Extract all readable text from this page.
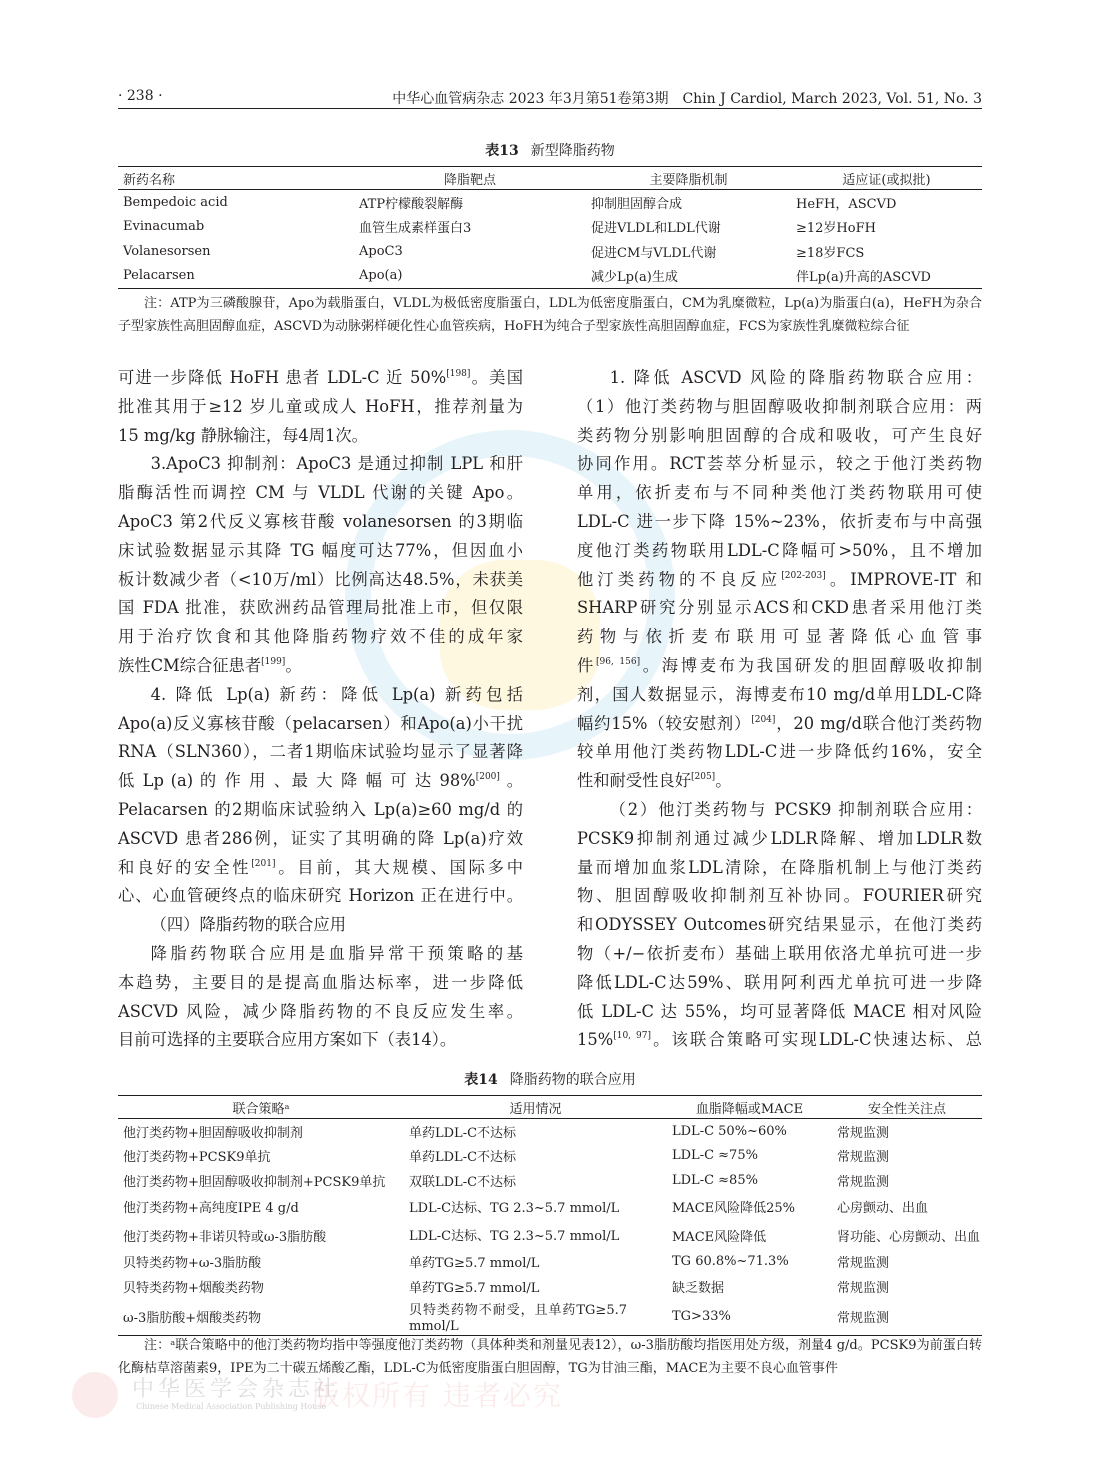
· 238 ·	中华心血管病杂志 2023 年3月第51卷第3期　Chin J Cardiol, March 2023, Vol. 51, No. 3
表13 新型降脂药物
新药名称	降脂靶点	主要降脂机制	适应证(或拟批)
Bempedoic acid	ATP柠檬酸裂解酶	抑制胆固醇合成	HeFH，ASCVD
Evinacumab	血管生成素样蛋白3	促进VLDL和LDL代谢	≥12岁HoFH
Volanesorsen	ApoC3	促进CM与VLDL代谢	≥18岁FCS
Pelacarsen	Apo(a)	减少Lp(a)生成	伴Lp(a)升高的ASCVD
注：ATP为三磷酸腺苷，Apo为载脂蛋白，VLDL为极低密度脂蛋白，LDL为低密度脂蛋白，CM为乳糜微粒，Lp(a)为脂蛋白(a)，HeFH为杂合子型家族性高胆固醇血症，ASCVD为动脉粥样硬化性心血管疾病，HoFH为纯合子型家族性高胆固醇血症，FCS为家族性乳糜微粒综合征
可进一步降低 HoFH 患者 LDL-C 近 50%[198]。美国
批准其用于≥12 岁儿童或成人 HoFH，推荐剂量为
15 mg/kg 静脉输注，每4周1次。
3.ApoC3 抑制剂：ApoC3 是通过抑制 LPL 和肝
脂酶活性而调控 CM 与 VLDL 代谢的关键 Apo。
ApoC3 第2代反义寡核苷酸 volanesorsen 的3期临
床试验数据显示其降 TG 幅度可达77%，但因血小
板计数减少者（<10万/ml）比例高达48.5%，未获美
国 FDA 批准，获欧洲药品管理局批准上市，但仅限
用于治疗饮食和其他降脂药物疗效不佳的成年家
族性CM综合征患者[199]。
4. 降低 Lp(a) 新药：降低 Lp(a) 新药包括
Apo(a)反义寡核苷酸（pelacarsen）和Apo(a)小干扰
RNA（SLN360），二者1期临床试验均显示了显著降
低 Lp (a) 的 作 用 、最 大 降 幅 可 达 98%[200] 。
Pelacarsen 的2期临床试验纳入 Lp(a)≥60 mg/d 的
ASCVD 患者286例，证实了其明确的降 Lp(a)疗效
和良好的安全性[201]。目前，其大规模、国际多中
心、心血管硬终点的临床研究 Horizon 正在进行中。
（四）降脂药物的联合应用
降脂药物联合应用是血脂异常干预策略的基
本趋势，主要目的是提高血脂达标率，进一步降低
ASCVD 风险，减少降脂药物的不良反应发生率。
目前可选择的主要联合应用方案如下（表14）。
1. 降低 ASCVD 风险的降脂药物联合应用：
（1）他汀类药物与胆固醇吸收抑制剂联合应用：两
类药物分别影响胆固醇的合成和吸收，可产生良好
协同作用。RCT荟萃分析显示，较之于他汀类药物
单用，依折麦布与不同种类他汀类药物联用可使
LDL-C 进一步下降 15%~23%，依折麦布与中高强
度他汀类药物联用LDL-C降幅可>50%，且不增加
他汀类药物的不良反应[202-203]。IMPROVE-IT 和
SHARP研究分别显示ACS和CKD患者采用他汀类
药物与依折麦布联用可显著降低心血管事
件[96, 156]。海博麦布为我国研发的胆固醇吸收抑制
剂，国人数据显示，海博麦布10 mg/d单用LDL-C降
幅约15%（较安慰剂）[204]，20 mg/d联合他汀类药物
较单用他汀类药物LDL-C进一步降低约16%，安全
性和耐受性良好[205]。
（2）他汀类药物与 PCSK9 抑制剂联合应用：
PCSK9抑制剂通过减少LDLR降解、增加LDLR数
量而增加血浆LDL清除，在降脂机制上与他汀类药
物、胆固醇吸收抑制剂互补协同。FOURIER研究
和ODYSSEY Outcomes研究结果显示，在他汀类药
物（+/−依折麦布）基础上联用依洛尤单抗可进一步
降低LDL-C达59%、联用阿利西尤单抗可进一步降
低 LDL-C 达 55%，均可显著降低 MACE 相对风险
15%[10, 97]。该联合策略可实现LDL-C快速达标、总
表14 降脂药物的联合应用
联合策略ᵃ	适用情况	血脂降幅或MACE	安全性关注点
他汀类药物+胆固醇吸收抑制剂	单药LDL-C不达标	LDL-C 50%~60%	常规监测
他汀类药物+PCSK9单抗	单药LDL-C不达标	LDL-C ≈75%	常规监测
他汀类药物+胆固醇吸收抑制剂+PCSK9单抗	双联LDL-C不达标	LDL-C ≈85%	常规监测
他汀类药物+高纯度IPE 4 g/d	LDL-C达标、TG 2.3~5.7 mmol/L	MACE风险降低25%	心房颤动、出血
他汀类药物+非诺贝特或ω-3脂肪酸	LDL-C达标、TG 2.3~5.7 mmol/L	MACE风险降低	肾功能、心房颤动、出血
贝特类药物+ω-3脂肪酸	单药TG≥5.7 mmol/L	TG 60.8%~71.3%	常规监测
贝特类药物+烟酸类药物	单药TG≥5.7 mmol/L	缺乏数据	常规监测
ω-3脂肪酸+烟酸类药物	贝特类药物不耐受，且单药TG≥5.7 mmol/L	TG>33%	常规监测
注：ᵃ联合策略中的他汀类药物均指中等强度他汀类药物（具体种类和剂量见表12），ω-3脂肪酸均指医用处方级，剂量4 g/d。PCSK9为前蛋白转化酶枯草溶菌素9，IPE为二十碳五烯酸乙酯，LDL-C为低密度脂蛋白胆固醇，TG为甘油三酯，MACE为主要不良心血管事件
中华医学会杂志社
Chinese Medical Association Publishing House
版权所有 违者必究
